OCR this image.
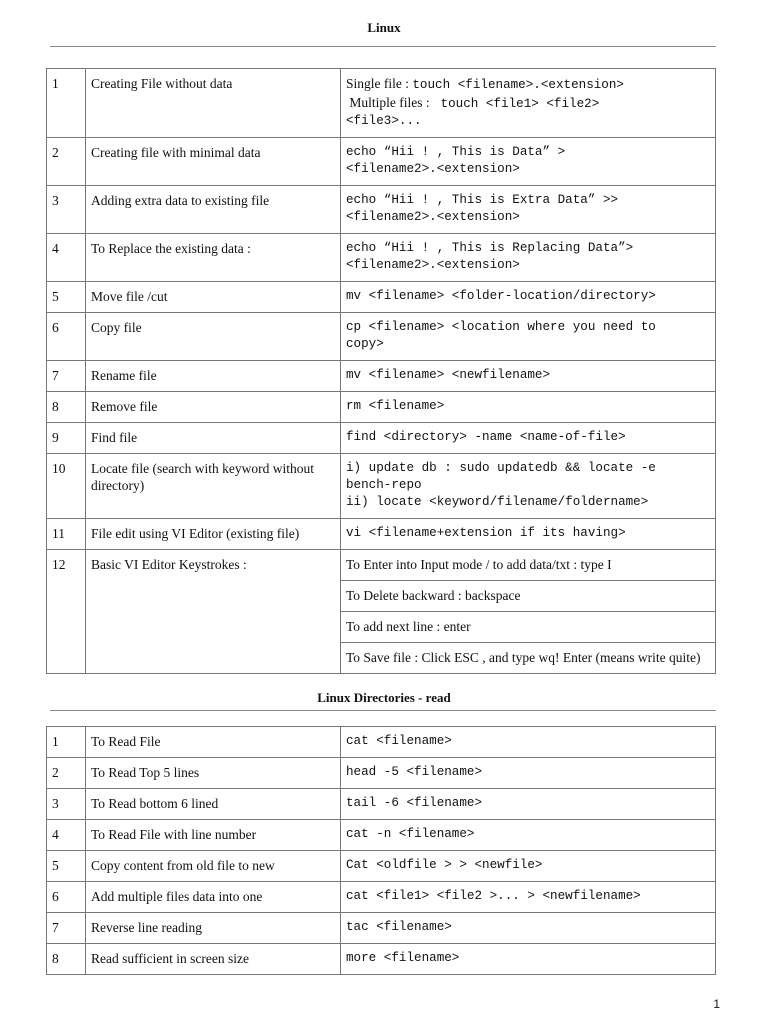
Linux
1	Creating File without data	Single file : touch <filename>.<extension>
Multiple files :  touch <file1> <file2>
<file3>...
2	Creating file with minimal data	echo “Hii ! , This is Data” >
<filename2>.<extension>
3	Adding extra data to existing file	echo “Hii ! , This is Extra Data” >>
<filename2>.<extension>
4	To Replace the existing data :	echo “Hii ! , This is Replacing Data”>
<filename2>.<extension>
5	Move file /cut	mv <filename> <folder-location/directory>
6	Copy file	cp <filename> <location where you need to
copy>
7	Rename file	mv <filename> <newfilename>
8	Remove file	rm <filename>
9	Find file	find <directory> -name <name-of-file>
10	Locate file (search with keyword without directory)	i) update db : sudo updatedb && locate -e
bench-repo
ii) locate <keyword/filename/foldername>
11	File edit using VI Editor (existing file)	vi <filename+extension if its having>
12	Basic VI Editor Keystrokes :	To Enter into Input mode / to add data/txt : type I
		To Delete backward : backspace
		To add next line : enter
		To Save file : Click ESC , and type wq! Enter (means write quite)
Linux Directories - read
1	To Read File	cat <filename>
2	To Read Top 5 lines	head -5 <filename>
3	To Read bottom 6 lined	tail -6 <filename>
4	To Read File with line number	cat -n <filename>
5	Copy content from old file to new	Cat <oldfile > > <newfile>
6	Add multiple files data into one	cat <file1> <file2 >... > <newfilename>
7	Reverse line reading	tac <filename>
8	Read sufficient in screen size	more <filename>
1
